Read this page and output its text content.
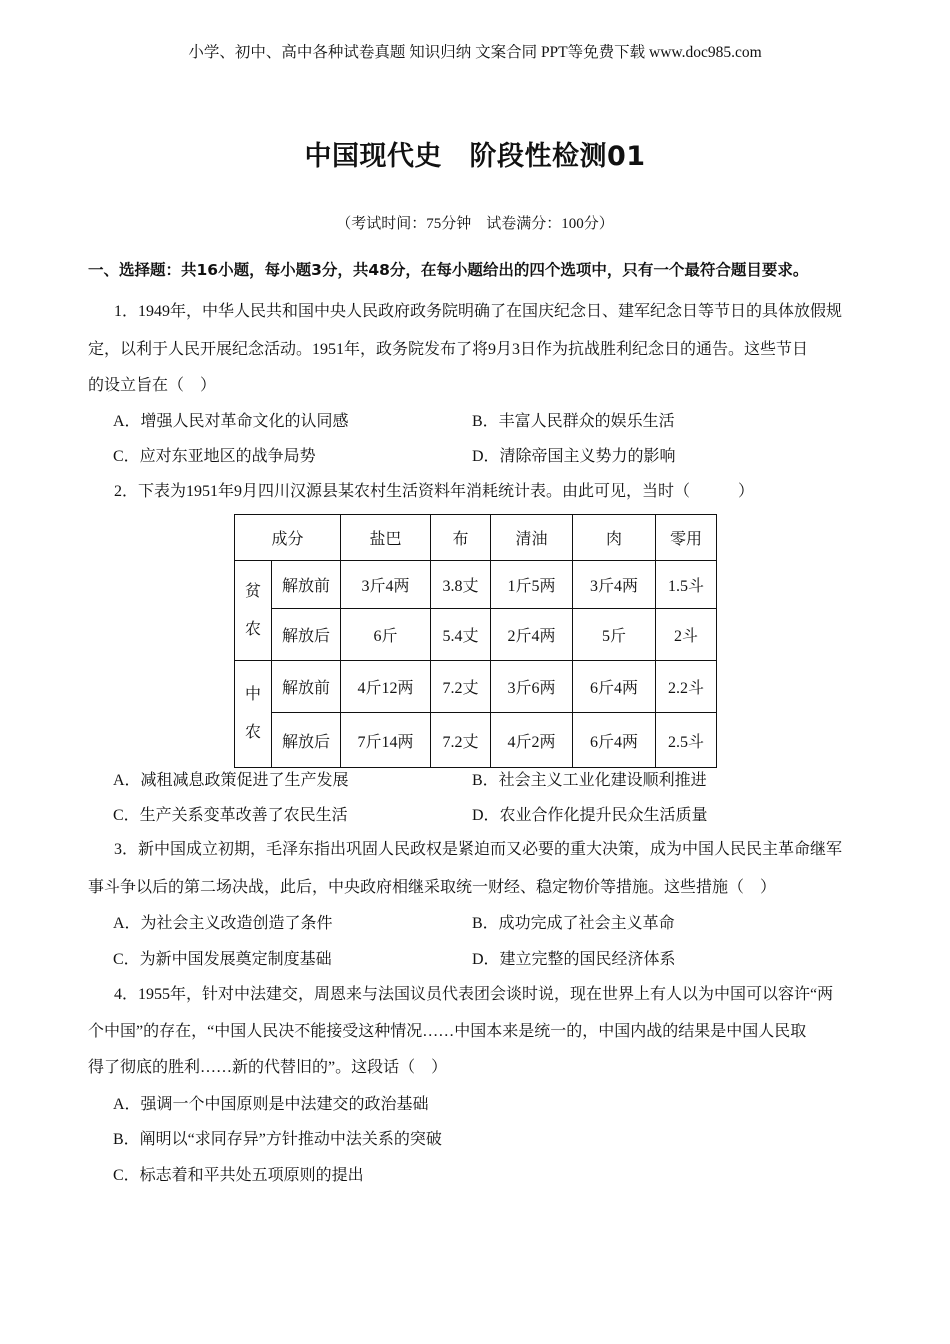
小学、初中、高中各种试卷真题 知识归纳 文案合同 PPT等免费下载 www.doc985.com
中国现代史　阶段性检测01
（考试时间：75分钟　试卷满分：100分）
一、选择题：共16小题，每小题3分，共48分，在每小题给出的四个选项中，只有一个最符合题目要求。
1．1949年，中华人民共和国中央人民政府政务院明确了在国庆纪念日、建军纪念日等节日的具体放假规
定，以利于人民开展纪念活动。1951年，政务院发布了将9月3日作为抗战胜利纪念日的通告。这些节日
的设立旨在（　）
A．增强人民对革命文化的认同感	B．丰富人民群众的娱乐生活
C．应对东亚地区的战争局势	D．清除帝国主义势力的影响
2．下表为1951年9月四川汉源县某农村生活资料年消耗统计表。由此可见，当时（　　　）
成分		盐巴	布	清油	肉	零用
贫
农	解放前	3斤4两	3.8丈	1斤5两	3斤4两	1.5斗
	解放后	6斤	5.4丈	2斤4两	5斤	2斗
中
农	解放前	4斤12两	7.2丈	3斤6两	6斤4两	2.2斗
	解放后	7斤14两	7.2丈	4斤2两	6斤4两	2.5斗
A．减租减息政策促进了生产发展	B．社会主义工业化建设顺利推进
C．生产关系变革改善了农民生活	D．农业合作化提升民众生活质量
3．新中国成立初期，毛泽东指出巩固人民政权是紧迫而又必要的重大决策，成为中国人民民主革命继军
事斗争以后的第二场决战，此后，中央政府相继采取统一财经、稳定物价等措施。这些措施（　）
A．为社会主义改造创造了条件	B．成功完成了社会主义革命
C．为新中国发展奠定制度基础	D．建立完整的国民经济体系
4．1955年，针对中法建交，周恩来与法国议员代表团会谈时说，现在世界上有人以为中国可以容许“两
个中国”的存在，“中国人民决不能接受这种情况……中国本来是统一的，中国内战的结果是中国人民取
得了彻底的胜利……新的代替旧的”。这段话（　）
A．强调一个中国原则是中法建交的政治基础
B．阐明以“求同存异”方针推动中法关系的突破
C．标志着和平共处五项原则的提出
